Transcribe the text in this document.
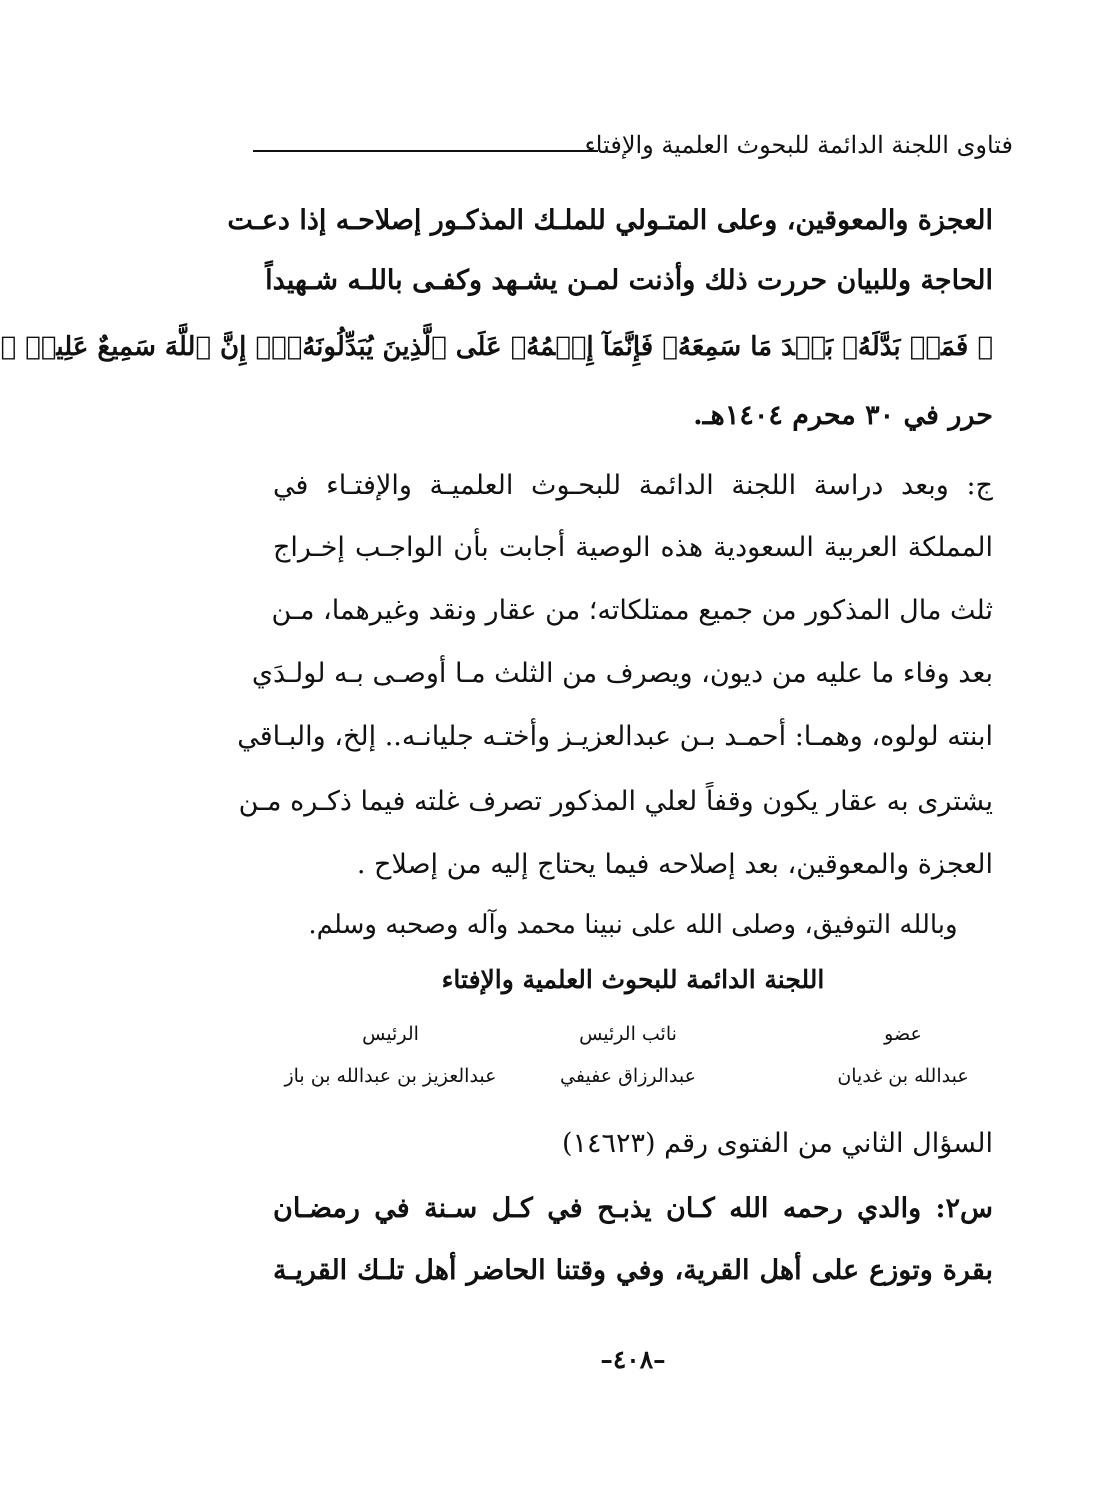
فتاوى اللجنة الدائمة للبحوث العلمية والإفتاء
العجزة والمعوقين، وعلى المتـولي للملـك المذكـور إصلاحـه إذا دعـت
الحاجة وللبيان حررت ذلك وأذنت لمـن يشـهد وكفـى باللـه شـهيداً
﴿ فَمَنۢ بَدَّلَهُۥ بَعۡدَ مَا سَمِعَهُۥ فَإِنَّمَآ إِثۡمُهُۥ عَلَى ٱلَّذِينَ يُبَدِّلُونَهُۥٓۚ إِنَّ ٱللَّهَ سَمِيعٌ عَلِيمٞ ﴾
حرر في ٣٠ محرم ١٤٠٤هـ.
ج: وبعد دراسة اللجنة الدائمة للبحـوث العلميـة والإفتـاء في
المملكة العربية السعودية هذه الوصية أجابت بأن الواجـب إخـراج
ثلث مال المذكور من جميع ممتلكاته؛ من عقار ونقد وغيرهما، مـن
بعد وفاء ما عليه من ديون، ويصرف من الثلث مـا أوصـى بـه لولـدَي
ابنته لولوه، وهمـا: أحمـد بـن عبدالعزيـز وأختـه جليانـه.. إلخ، والبـاقي
يشترى به عقار يكون وقفاً لعلي المذكور تصرف غلته فيما ذكـره مـن
العجزة والمعوقين، بعد إصلاحه فيما يحتاج إليه من إصلاح .
وبالله التوفيق، وصلى الله على نبينا محمد وآله وصحبه وسلم.
اللجنة الدائمة للبحوث العلمية والإفتاء
عضو
عبدالله بن غديان
نائب الرئيس
عبدالرزاق عفيفي
الرئيس
عبدالعزيز بن عبدالله بن باز
السؤال الثاني من الفتوى رقم (١٤٦٢٣)
س٢: والدي رحمه الله كـان يذبـح في كـل سـنة في رمضـان
بقرة وتوزع على أهل القرية، وفي وقتنا الحاضر أهل تلـك القريـة
–٤٠٨–
